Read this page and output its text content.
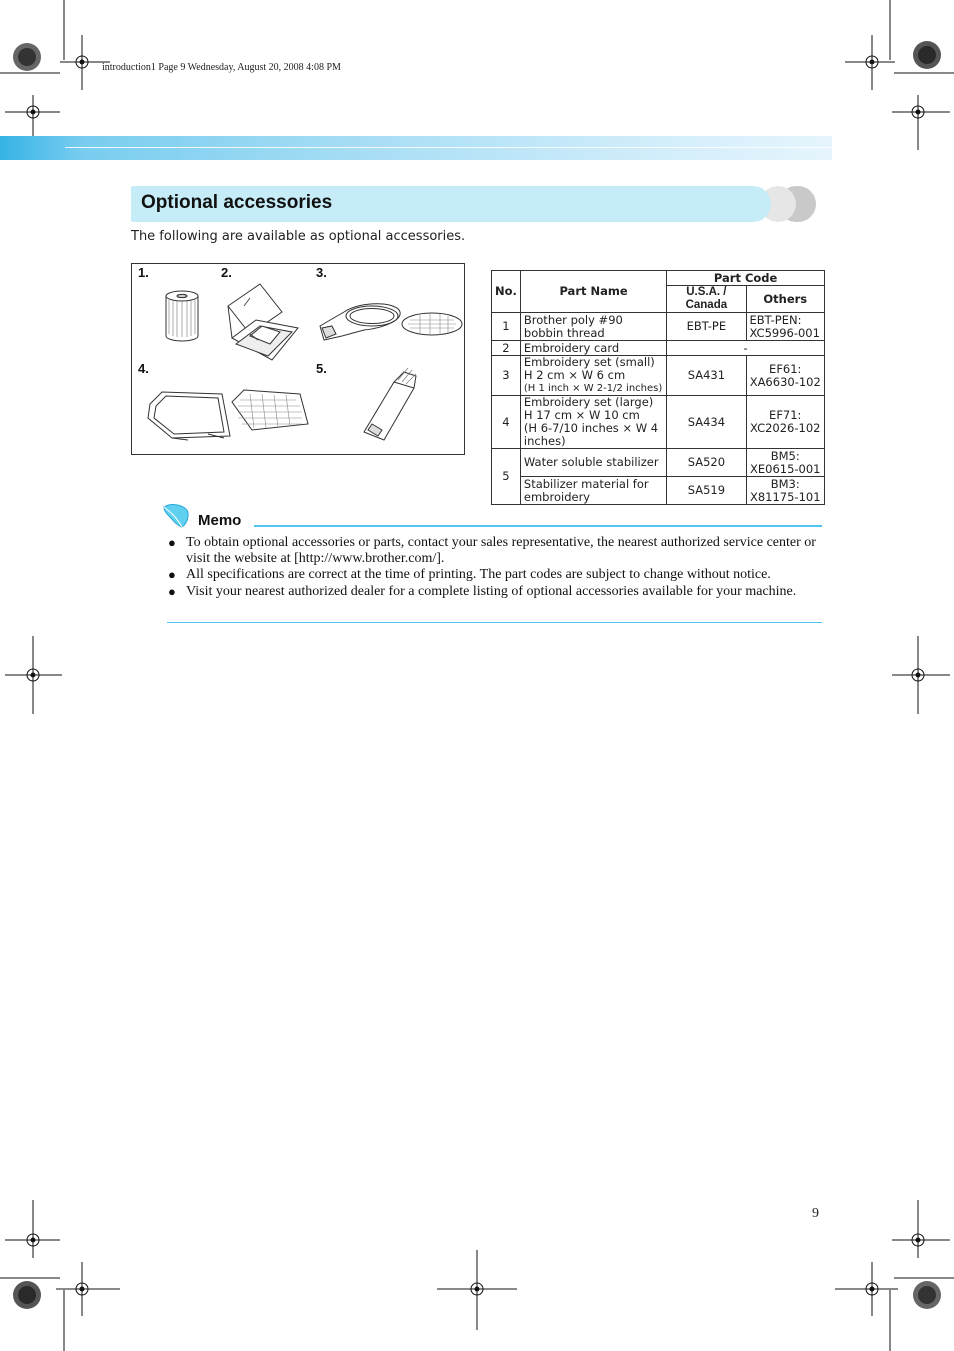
introduction1 Page 9 Wednesday, August 20, 2008 4:08 PM
Optional accessories
The following are available as optional accessories.
1.	2.	3.
4.	5.
No.	Part Name	Part Code	
		U.S.A. / Canada	Others
1	Brother poly #90 bobbin thread	EBT-PE	EBT-PEN: XC5996-001
2	Embroidery card	-	
3	Embroidery set (small)
H 2 cm × W 6 cm
(H 1 inch × W 2-1/2 inches)	SA431	EF61: XA6630-102
4	Embroidery set (large)
H 17 cm × W 10 cm
(H 6-7/10 inches × W 4 inches)	SA434	EF71: XC2026-102
5	Water soluble stabilizer	SA520	BM5: XE0615-001
	Stabilizer material for embroidery	SA519	BM3: X81175-101
Memo
● To obtain optional accessories or parts, contact your sales representative, the nearest authorized service center or visit the website at [http://www.brother.com/].
● All specifications are correct at the time of printing. The part codes are subject to change without notice.
● Visit your nearest authorized dealer for a complete listing of optional accessories available for your machine.
9
